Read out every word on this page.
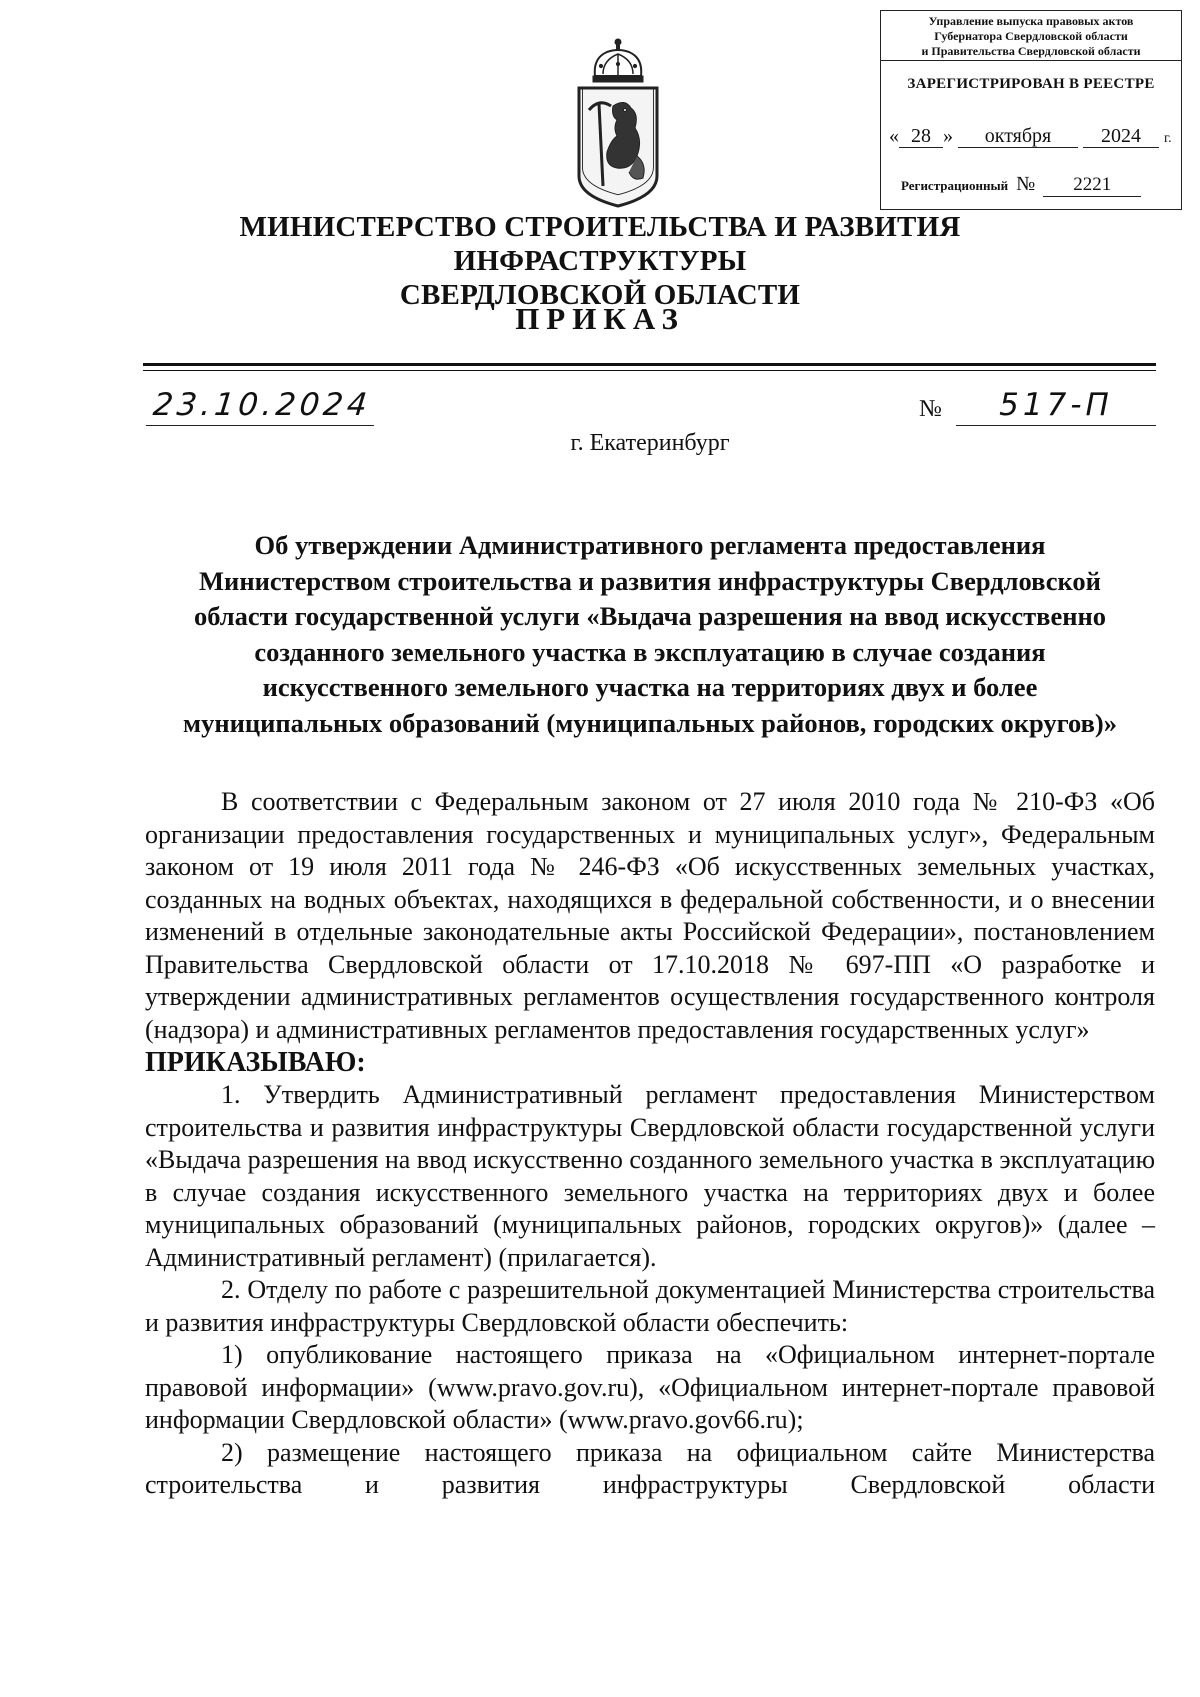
Управление выпуска правовых актов
Губернатора Свердловской области
и Правительства Свердловской области
ЗАРЕГИСТРИРОВАН В РЕЕСТРЕ
« 28 » октября 2024 г.
Регистрационный № 2221
МИНИСТЕРСТВО СТРОИТЕЛЬСТВА И РАЗВИТИЯ ИНФРАСТРУКТУРЫ
СВЕРДЛОВСКОЙ ОБЛАСТИ
ПРИКАЗ
23.10.2024	№	517-П
г. Екатеринбург
Об утверждении Административного регламента предоставления
Министерством строительства и развития инфраструктуры Свердловской
области государственной услуги «Выдача разрешения на ввод искусственно
созданного земельного участка в эксплуатацию в случае создания
искусственного земельного участка на территориях двух и более
муниципальных образований (муниципальных районов, городских округов)»

В соответствии с Федеральным законом от 27 июля 2010 года № 210-ФЗ «Об организации предоставления государственных и муниципальных услуг», Федеральным законом от 19 июля 2011 года № 246-ФЗ «Об искусственных земельных участках, созданных на водных объектах, находящихся в федеральной собственности, и о внесении изменений в отдельные законодательные акты Российской Федерации», постановлением Правительства Свердловской области от 17.10.2018 № 697-ПП «О разработке и утверждении административных регламентов осуществления государственного контроля (надзора) и административных регламентов предоставления государственных услуг»

ПРИКАЗЫВАЮ:

1. Утвердить Административный регламент предоставления Министерством строительства и развития инфраструктуры Свердловской области государственной услуги «Выдача разрешения на ввод искусственно созданного земельного участка в эксплуатацию в случае создания искусственного земельного участка на территориях двух и более муниципальных образований (муниципальных районов, городских округов)» (далее – Административный регламент) (прилагается).

2. Отделу по работе с разрешительной документацией Министерства строительства и развития инфраструктуры Свердловской области обеспечить:

1) опубликование настоящего приказа на «Официальном интернет-портале правовой информации» (www.pravo.gov.ru), «Официальном интернет-портале правовой информации Свердловской области» (www.pravo.gov66.ru);

2) размещение настоящего приказа на официальном сайте Министерства строительства и развития инфраструктуры Свердловской области
